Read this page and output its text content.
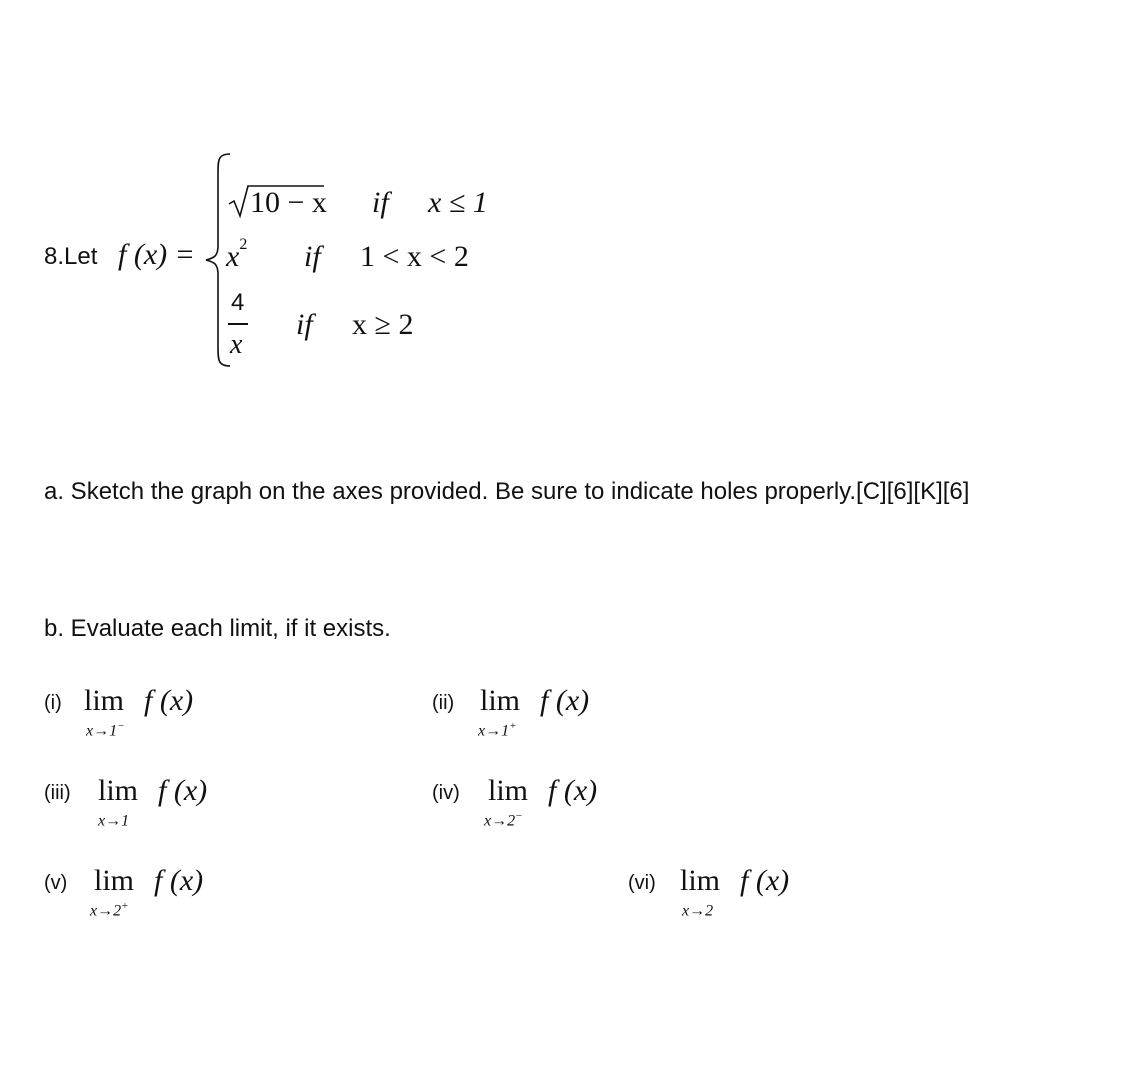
8.Let f (x) =
10 − x if x ≤ 1
$x^2$ if 1 < x < 2
4
x
if x ≥ 2
a. Sketch the graph on the axes provided. Be sure to indicate holes properly.[C][6][K][6]
b. Evaluate each limit, if it exists.
(i) lim f (x)
x→1−
(ii) lim f (x)
x→1+
(iii) lim f (x)
x→1
(iv) lim f (x)
x→2−
(v) lim f (x)
x→2+
(vi) lim f (x)
x→2
